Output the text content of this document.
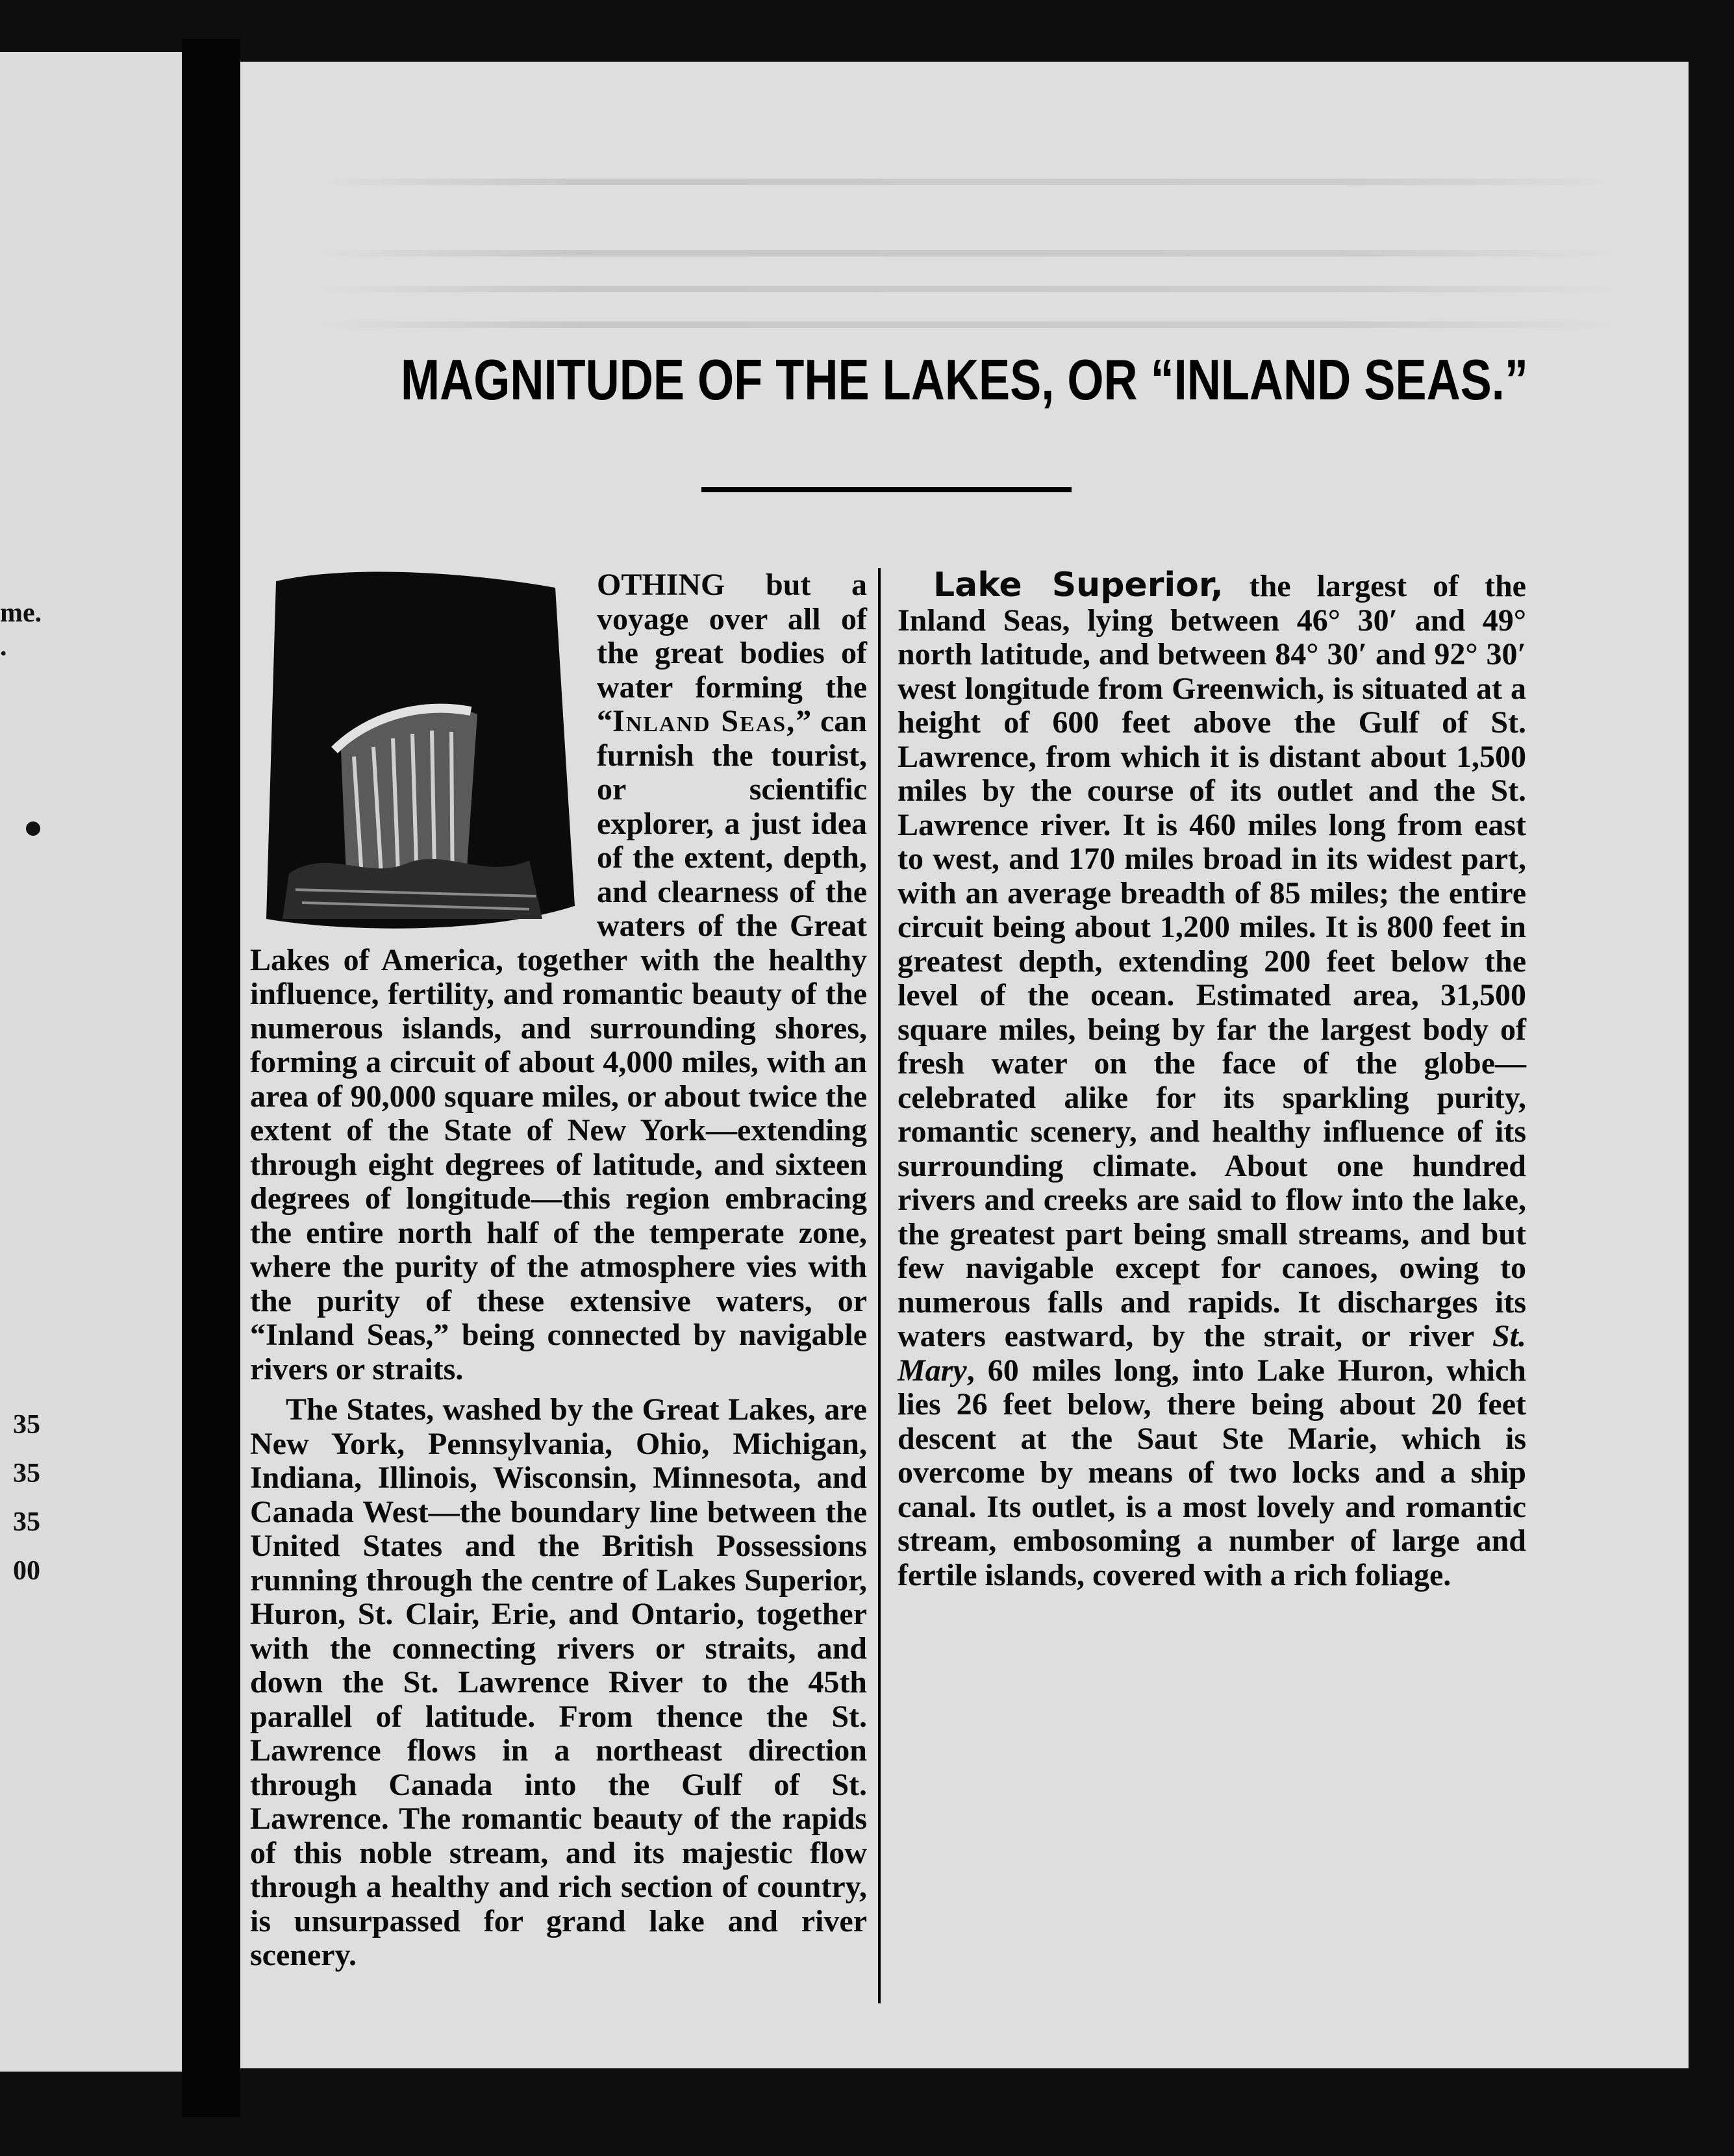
me.
.
35
35
35
00
MAGNITUDE OF THE LAKES, OR “INLAND SEAS.”

OTHING but a voyage over all of the great bodies of water forming the “Inland Seas,” can furnish the tourist, or scientific explorer, a just idea of the extent, depth, and clearness of the waters of the Great Lakes of America, together with the healthy influence, fertility, and romantic beauty of the numerous islands, and surrounding shores, forming a circuit of about 4,000 miles, with an area of 90,000 square miles, or about twice the extent of the State of New York—extending through eight degrees of latitude, and sixteen degrees of longitude—this region embracing the entire north half of the temperate zone, where the purity of the atmosphere vies with the purity of these extensive waters, or “Inland Seas,” being connected by navigable rivers or straits.

The States, washed by the Great Lakes, are New York, Pennsylvania, Ohio, Michigan, Indiana, Illinois, Wisconsin, Minnesota, and Canada West—the boundary line between the United States and the British Possessions running through the centre of Lakes Superior, Huron, St. Clair, Erie, and Ontario, together with the connecting rivers or straits, and down the St. Lawrence River to the 45th parallel of latitude. From thence the St. Lawrence flows in a northeast direction through Canada into the Gulf of St. Lawrence. The romantic beauty of the rapids of this noble stream, and its majestic flow through a healthy and rich section of country, is unsurpassed for grand lake and river scenery.

Lake Superior, the largest of the Inland Seas, lying between 46° 30′ and 49° north latitude, and between 84° 30′ and 92° 30′ west longitude from Greenwich, is situated at a height of 600 feet above the Gulf of St. Lawrence, from which it is distant about 1,500 miles by the course of its outlet and the St. Lawrence river. It is 460 miles long from east to west, and 170 miles broad in its widest part, with an average breadth of 85 miles; the entire circuit being about 1,200 miles. It is 800 feet in greatest depth, extending 200 feet below the level of the ocean. Estimated area, 31,500 square miles, being by far the largest body of fresh water on the face of the globe—celebrated alike for its sparkling purity, romantic scenery, and healthy influence of its surrounding climate. About one hundred rivers and creeks are said to flow into the lake, the greatest part being small streams, and but few navigable except for canoes, owing to numerous falls and rapids. It discharges its waters eastward, by the strait, or river St. Mary, 60 miles long, into Lake Huron, which lies 26 feet below, there being about 20 feet descent at the Saut Ste Marie, which is overcome by means of two locks and a ship canal. Its outlet, is a most lovely and romantic stream, embosoming a number of large and fertile islands, covered with a rich foliage.
